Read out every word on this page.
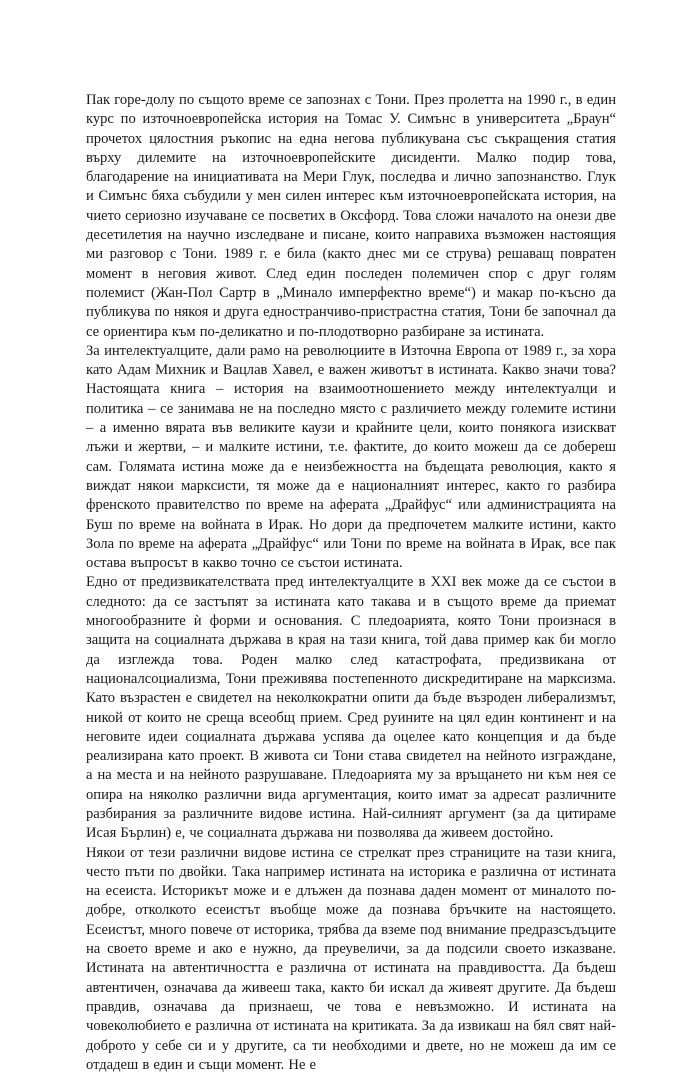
Пак горе-долу по същото време се запознах с Тони. През пролетта на 1990 г., в един курс по източноевропейска история на Томас У. Симънс в университета „Браун“ прочетох цялостния ръкопис на една негова публикувана със съкращения статия върху дилемите на източноевропейските дисиденти. Малко подир това, благодарение на инициативата на Мери Глук, последва и лично запознанство. Глук и Симънс бяха събудили у мен силен интерес към източноевропейската история, на чието сериозно изучаване се посветих в Оксфорд. Това сложи началото на онези две десетилетия на научно изследване и писане, които направиха възможен настоящия ми разговор с Тони. 1989 г. е била (както днес ми се струва) решаващ повратен момент в неговия живот. След един последен полемичен спор с друг голям полемист (Жан-Пол Сартр в „Минало имперфектно време“) и макар по-късно да публикува по някоя и друга едностранчиво-пристрастна статия, Тони бе започнал да се ориентира към по-деликатно и по-плодотворно разбиране за истината.

За интелектуалците, дали рамо на революциите в Източна Европа от 1989 г., за хора като Адам Михник и Вацлав Хавел, е важен животът в истината. Какво значи това? Настоящата книга – история на взаимоотношението между интелектуалци и политика – се занимава не на последно място с различието между големите истини – а именно вярата във великите каузи и крайните цели, които понякога изискват лъжи и жертви, – и малките истини, т.е. фактите, до които можеш да се добереш сам. Голямата истина може да е неизбежността на бъдещата революция, както я виждат някои марксисти, тя може да е националният интерес, както го разбира френското правителство по време на аферата „Драйфус“ или администрацията на Буш по време на войната в Ирак. Но дори да предпочетем малките истини, както Зола по време на аферата „Драйфус“ или Тони по време на войната в Ирак, все пак остава въпросът в какво точно се състои истината.

Едно от предизвикателствата пред интелектуалците в XXI век може да се състои в следното: да се застъпят за истината като такава и в същото време да приемат многообразните ѝ форми и основания. С пледоарията, която Тони произнася в защита на социалната държава в края на тази книга, той дава пример как би могло да изглежда това. Роден малко след катастрофата, предизвикана от националсоциализма, Тони преживява постепенното дискредитиране на марксизма. Като възрастен е свидетел на неколкократни опити да бъде възроден либерализмът, никой от които не среща всеобщ прием. Сред руините на цял един континент и на неговите идеи социалната държава успява да оцелее като концепция и да бъде реализирана като проект. В живота си Тони става свидетел на нейното изграждане, а на места и на нейното разрушаване. Пледоарията му за връщането ни към нея се опира на няколко различни вида аргументация, които имат за адресат различните разбирания за различните видове истина. Най-силният аргумент (за да цитираме Исая Бърлин) е, че социалната държава ни позволява да живеем достойно.

Някои от тези различни видове истина се стрелкат през страниците на тази книга, често пъти по двойки. Така например истината на историка е различна от истината на есеиста. Историкът може и е длъжен да познава даден момент от миналото по-добре, отколкото есеистът въобще може да познава бръчките на настоящето. Есеистът, много повече от историка, трябва да вземе под внимание предразсъдъците на своето време и ако е нужно, да преувеличи, за да подсили своето изказване. Истината на автентичността е различна от истината на правдивостта. Да бъдеш автентичен, означава да живееш така, както би искал да живеят другите. Да бъдеш правдив, означава да признаеш, че това е невъзможно. И истината на човеколюбието е различна от истината на критиката. За да извикаш на бял свят най-доброто у себе си и у другите, са ти необходими и двете, но не можеш да им се отдадеш в един и същи момент. Не е
